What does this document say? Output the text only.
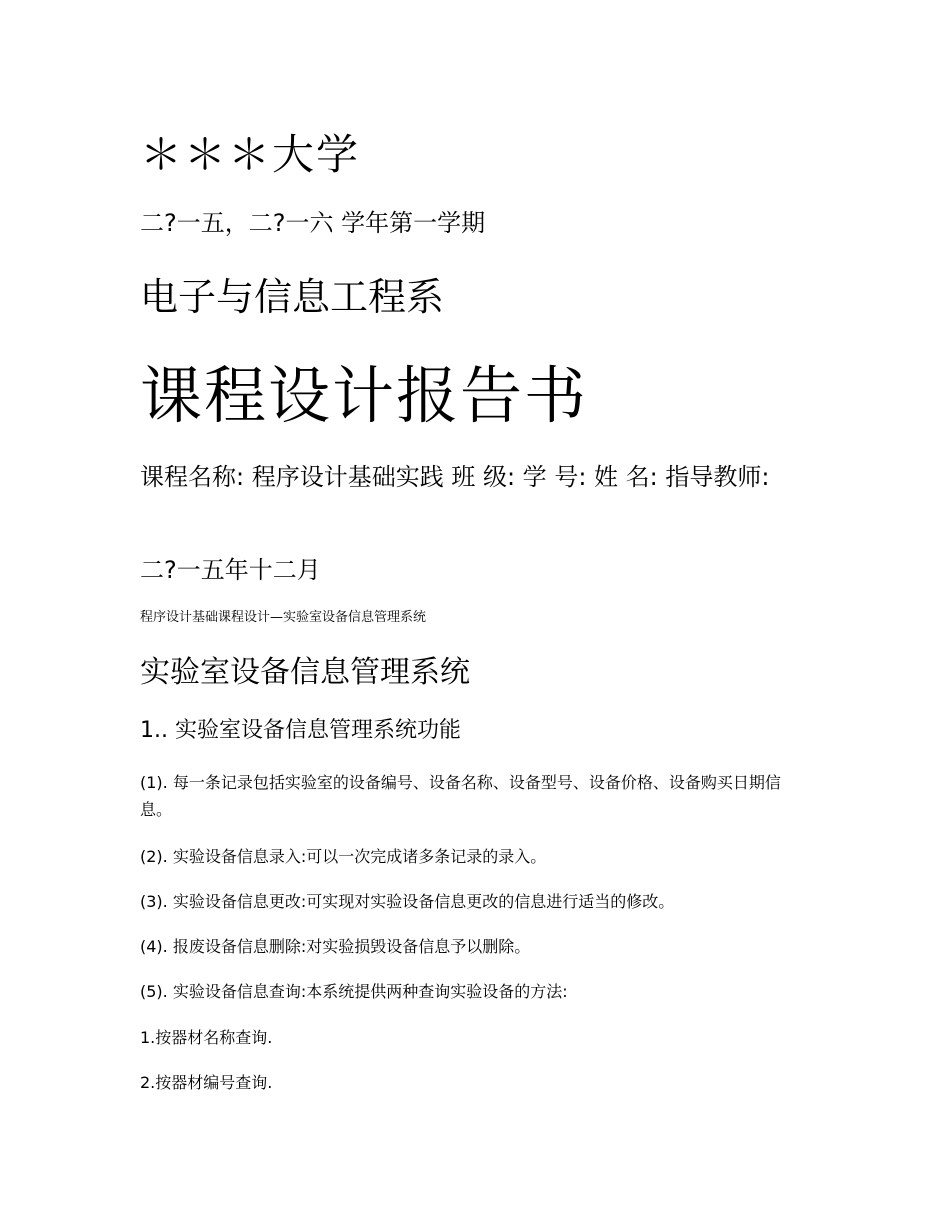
＊＊＊大学

二?一五，二?一六 学年第一学期

电子与信息工程系

课程设计报告书

课程名称: 程序设计基础实践 班 级: 学 号: 姓 名: 指导教师:

二?一五年十二月

程序设计基础课程设计—实验室设备信息管理系统

实验室设备信息管理系统

1.. 实验室设备信息管理系统功能

(1). 每一条记录包括实验室的设备编号、设备名称、设备型号、设备价格、设备购买日期信息。

(2). 实验设备信息录入:可以一次完成诸多条记录的录入。

(3). 实验设备信息更改:可实现对实验设备信息更改的信息进行适当的修改。

(4). 报废设备信息删除:对实验损毁设备信息予以删除。

(5). 实验设备信息查询:本系统提供两种查询实验设备的方法:

1.按器材名称查询.

2.按器材编号查询.
